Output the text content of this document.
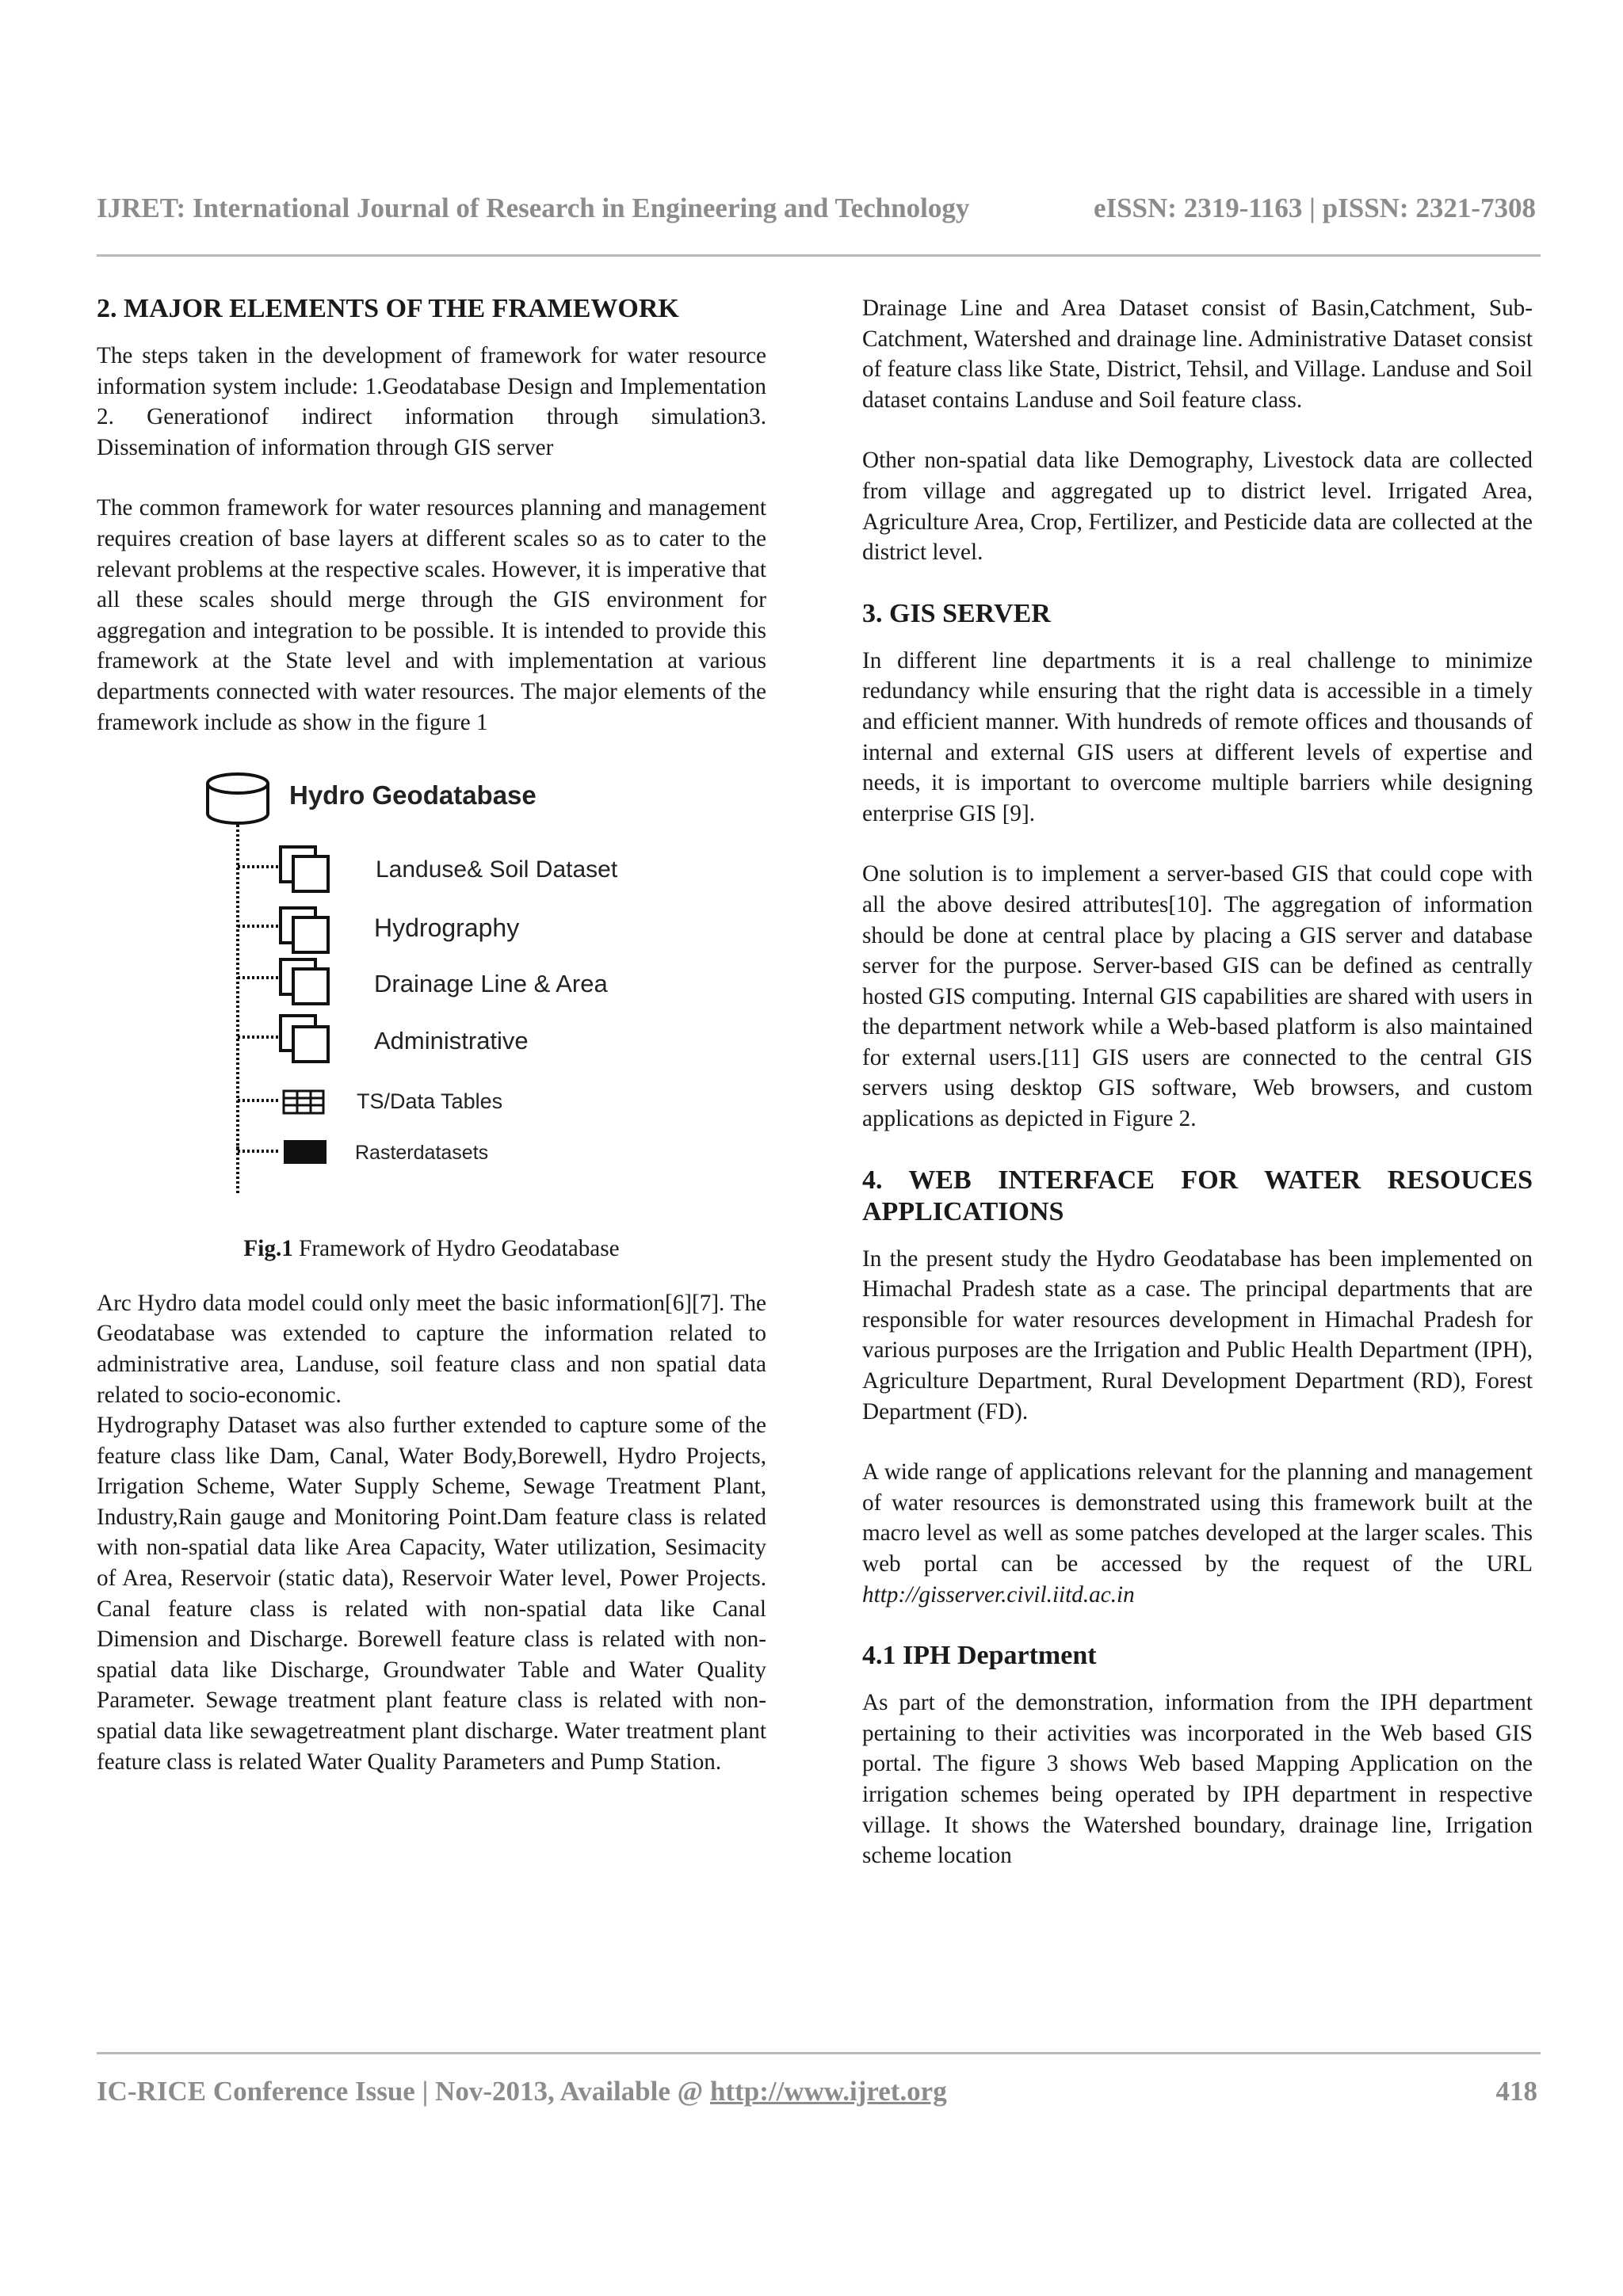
IJRET: International Journal of Research in Engineering and Technology	eISSN: 2319-1163 | pISSN: 2321-7308
2. MAJOR ELEMENTS OF THE FRAMEWORK

The steps taken in the development of framework for water resource information system include: 1.Geodatabase Design and Implementation 2. Generationof indirect information through simulation3. Dissemination of information through GIS server

The common framework for water resources planning and management requires creation of base layers at different scales so as to cater to the relevant problems at the respective scales. However, it is imperative that all these scales should merge through the GIS environment for aggregation and integration to be possible. It is intended to provide this framework at the State level and with implementation at various departments connected with water resources. The major elements of the framework include as show in the figure 1

Hydro Geodatabase
Landuse& Soil Dataset
Hydrography
Drainage Line & Area
Administrative
TS/Data Tables
Rasterdatasets
Fig.1 Framework of Hydro Geodatabase

Arc Hydro data model could only meet the basic information[6][7]. The Geodatabase was extended to capture the information related to administrative area, Landuse, soil feature class and non spatial data related to socio-economic.

Hydrography Dataset was also further extended to capture some of the feature class like Dam, Canal, Water Body,Borewell, Hydro Projects, Irrigation Scheme, Water Supply Scheme, Sewage Treatment Plant, Industry,Rain gauge and Monitoring Point.Dam feature class is related with non-spatial data like Area Capacity, Water utilization, Sesimacity of Area, Reservoir (static data), Reservoir Water level, Power Projects. Canal feature class is related with non-spatial data like Canal Dimension and Discharge. Borewell feature class is related with non-spatial data like Discharge, Groundwater Table and Water Quality Parameter. Sewage treatment plant feature class is related with non-spatial data like sewagetreatment plant discharge. Water treatment plant feature class is related Water Quality Parameters and Pump Station.

Drainage Line and Area Dataset consist of Basin,Catchment, Sub-Catchment, Watershed and drainage line. Administrative Dataset consist of feature class like State, District, Tehsil, and Village. Landuse and Soil dataset contains Landuse and Soil feature class.

Other non-spatial data like Demography, Livestock data are collected from village and aggregated up to district level. Irrigated Area, Agriculture Area, Crop, Fertilizer, and Pesticide data are collected at the district level.

3. GIS SERVER

In different line departments it is a real challenge to minimize redundancy while ensuring that the right data is accessible in a timely and efficient manner. With hundreds of remote offices and thousands of internal and external GIS users at different levels of expertise and needs, it is important to overcome multiple barriers while designing enterprise GIS [9].

One solution is to implement a server-based GIS that could cope with all the above desired attributes[10]. The aggregation of information should be done at central place by placing a GIS server and database server for the purpose. Server-based GIS can be defined as centrally hosted GIS computing. Internal GIS capabilities are shared with users in the department network while a Web-based platform is also maintained for external users.[11] GIS users are connected to the central GIS servers using desktop GIS software, Web browsers, and custom applications as depicted in Figure 2.

4. WEB INTERFACE FOR WATER RESOUCES
APPLICATIONS

In the present study the Hydro Geodatabase has been implemented on Himachal Pradesh state as a case. The principal departments that are responsible for water resources development in Himachal Pradesh for various purposes are the Irrigation and Public Health Department (IPH), Agriculture Department, Rural Development Department (RD), Forest Department (FD).

A wide range of applications relevant for the planning and management of water resources is demonstrated using this framework built at the macro level as well as some patches developed at the larger scales. This web portal can be accessed by the request of the URL http://gisserver.civil.iitd.ac.in

4.1 IPH Department

As part of the demonstration, information from the IPH department pertaining to their activities was incorporated in the Web based GIS portal. The figure 3 shows Web based Mapping Application on the irrigation schemes being operated by IPH department in respective village. It shows the Watershed boundary, drainage line, Irrigation scheme location

IC-RICE Conference Issue | Nov-2013, Available @ http://www.ijret.org	418
